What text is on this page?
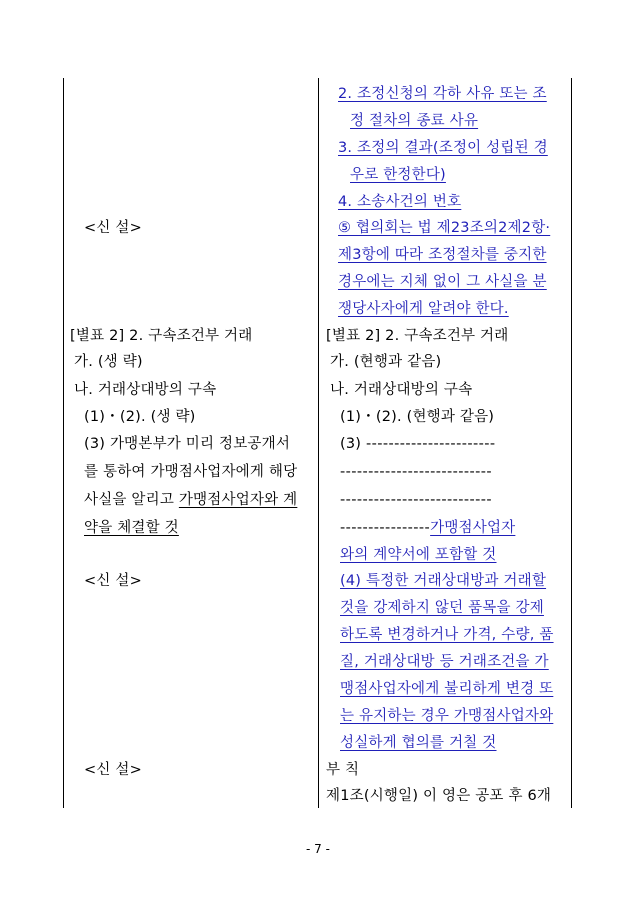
<신 설>
[별표 2] 2. 구속조건부 거래
가. (생 략)
나. 거래상대방의 구속
(1)・(2). (생 략)
(3) 가맹본부가 미리 정보공개서
를 통하여 가맹점사업자에게 해당
사실을 알리고 가맹점사업자와 계
약을 체결할 것
<신 설>
<신 설>
2. 조정신청의 각하 사유 또는 조
정 절차의 종료 사유
3. 조정의 결과(조정이 성립된 경
우로 한정한다)
4. 소송사건의 번호
⑤ 협의회는 법 제23조의2제2항·
제3항에 따라 조정절차를 중지한
경우에는 지체 없이 그 사실을 분
쟁당사자에게 알려야 한다.
[별표 2] 2. 구속조건부 거래
가. (현행과 같음)
나. 거래상대방의 구속
(1)・(2). (현행과 같음)
(3) -----------------------
---------------------------
---------------------------
----------------가맹점사업자
와의 계약서에 포함할 것
(4) 특정한 거래상대방과 거래할
것을 강제하지 않던 품목을 강제
하도록 변경하거나 가격, 수량, 품
질, 거래상대방 등 거래조건을 가
맹점사업자에게 불리하게 변경 또
는 유지하는 경우 가맹점사업자와
성실하게 협의를 거칠 것
부 칙
제1조(시행일) 이 영은 공포 후 6개
- 7 -
